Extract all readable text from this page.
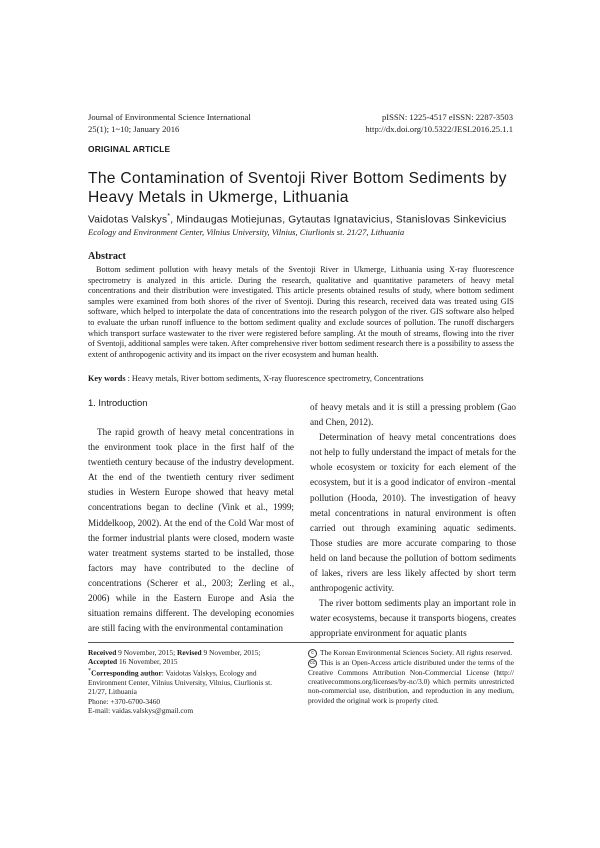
Journal of Environmental Science International
25(1); 1~10; January 2016
pISSN: 1225-4517 eISSN: 2287-3503
http://dx.doi.org/10.5322/JESI.2016.25.1.1
ORIGINAL ARTICLE
The Contamination of Sventoji River Bottom Sediments by Heavy Metals in Ukmerge, Lithuania
Vaidotas Valskys*, Mindaugas Motiejunas, Gytautas Ignatavicius, Stanislovas Sinkevicius
Ecology and Environment Center, Vilnius University, Vilnius, Ciurlionis st. 21/27, Lithuania
Abstract

Bottom sediment pollution with heavy metals of the Sventoji River in Ukmerge, Lithuania using X-ray fluorescence spectrometry is analyzed in this article. During the research, qualitative and quantitative parameters of heavy metal concentrations and their distribution were investigated. This article presents obtained results of study, where bottom sediment samples were examined from both shores of the river of Sventoji. During this research, received data was treated using GIS software, which helped to interpolate the data of concentrations into the research polygon of the river. GIS software also helped to evaluate the urban runoff influence to the bottom sediment quality and exclude sources of pollution. The runoff dischargers which transport surface wastewater to the river were registered before sampling. At the mouth of streams, flowing into the river of Sventoji, additional samples were taken. After comprehensive river bottom sediment research there is a possibility to assess the extent of anthropogenic activity and its impact on the river ecosystem and human health.

Key words : Heavy metals, River bottom sediments, X-ray fluorescence spectrometry, Concentrations
1. Introduction

The rapid growth of heavy metal concentrations in the environment took place in the first half of the twentieth century because of the industry development. At the end of the twentieth century river sediment studies in Western Europe showed that heavy metal concentrations began to decline (Vink et al., 1999; Middelkoop, 2002). At the end of the Cold War most of the former industrial plants were closed, modern waste water treatment systems started to be installed, those factors may have contributed to the decline of concentrations (Scherer et al., 2003; Zerling et al., 2006) while in the Eastern Europe and Asia the situation remains different. The developing economies are still facing with the environmental contamination

of heavy metals and it is still a pressing problem (Gao and Chen, 2012).

Determination of heavy metal concentrations does not help to fully understand the impact of metals for the whole ecosystem or toxicity for each element of the ecosystem, but it is a good indicator of environ -mental pollution (Hooda, 2010). The investigation of heavy metal concentrations in natural environment is often carried out through examining aquatic sediments. Those studies are more accurate comparing to those held on land because the pollution of bottom sediments of lakes, rivers are less likely affected by short term anthropogenic activity.

The river bottom sediments play an important role in water ecosystems, because it transports biogens, creates appropriate environment for aquatic plants

Received 9 November, 2015; Revised 9 November, 2015;
Accepted 16 November, 2015
*Corresponding author: Vaidotas Valskys, Ecology and Environment Center, Vilnius University, Vilnius, Ciurlionis st. 21/27, Lithuania
Phone: +370-6700-3460
E-mail: vaidas.valskys@gmail.com
c The Korean Environmental Sciences Society. All rights reserved.
cc This is an Open-Access article distributed under the terms of the Creative Commons Attribution Non-Commercial License (http:// creativecommons.org/licenses/by-nc/3.0) which permits unrestricted non-commercial use, distribution, and reproduction in any medium, provided the original work is properly cited.
